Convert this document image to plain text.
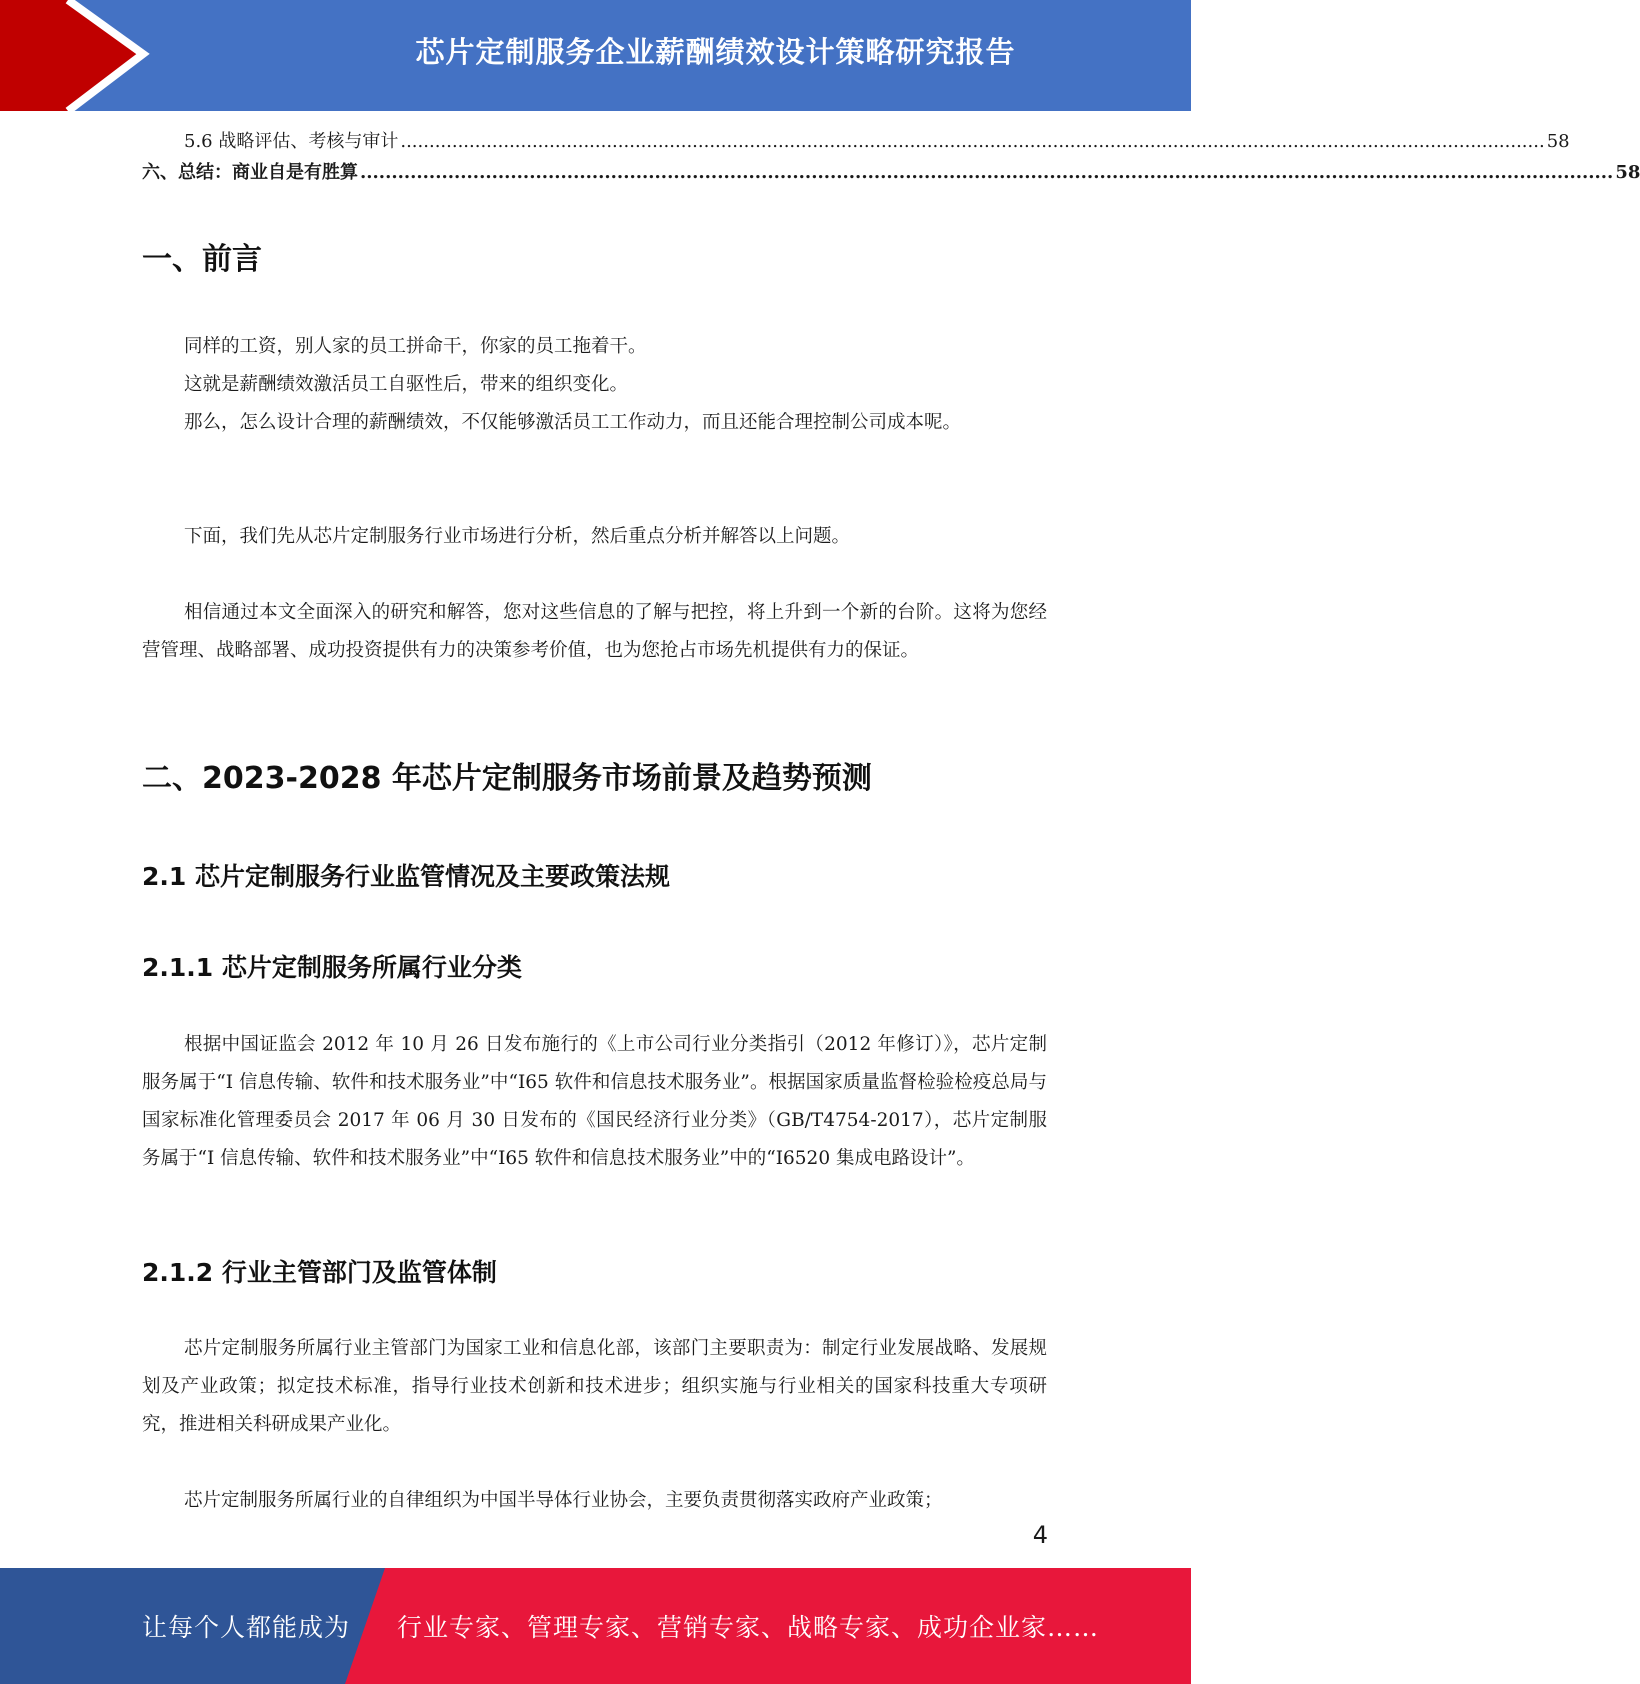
芯片定制服务企业薪酬绩效设计策略研究报告
5.6 战略评估、考核与审计 ........................................................................................................................................................................................................ 58
六、总结：商业自是有胜算 ........................................................................................................................................................................................................ 58
一、前言

同样的工资，别人家的员工拼命干，你家的员工拖着干。

这就是薪酬绩效激活员工自驱性后，带来的组织变化。

那么，怎么设计合理的薪酬绩效，不仅能够激活员工工作动力，而且还能合理控制公司成本呢。

下面，我们先从芯片定制服务行业市场进行分析，然后重点分析并解答以上问题。

相信通过本文全面深入的研究和解答，您对这些信息的了解与把控，将上升到一个新的台阶。这将为您经营管理、战略部署、成功投资提供有力的决策参考价值，也为您抢占市场先机提供有力的保证。

二、2023-2028 年芯片定制服务市场前景及趋势预测
2.1 芯片定制服务行业监管情况及主要政策法规
2.1.1 芯片定制服务所属行业分类

根据中国证监会 2012 年 10 月 26 日发布施行的《上市公司行业分类指引（2012 年修订）》，芯片定制服务属于“I 信息传输、软件和技术服务业”中“I65 软件和信息技术服务业”。根据国家质量监督检验检疫总局与国家标准化管理委员会 2017 年 06 月 30 日发布的《国民经济行业分类》（GB/T4754-2017），芯片定制服务属于“I 信息传输、软件和技术服务业”中“I65 软件和信息技术服务业”中的“I6520 集成电路设计”。

2.1.2 行业主管部门及监管体制

芯片定制服务所属行业主管部门为国家工业和信息化部，该部门主要职责为：制定行业发展战略、发展规划及产业政策；拟定技术标准，指导行业技术创新和技术进步；组织实施与行业相关的国家科技重大专项研究，推进相关科研成果产业化。

芯片定制服务所属行业的自律组织为中国半导体行业协会，主要负责贯彻落实政府产业政策；

4
让每个人都能成为 行业专家、管理专家、营销专家、战略专家、成功企业家……
